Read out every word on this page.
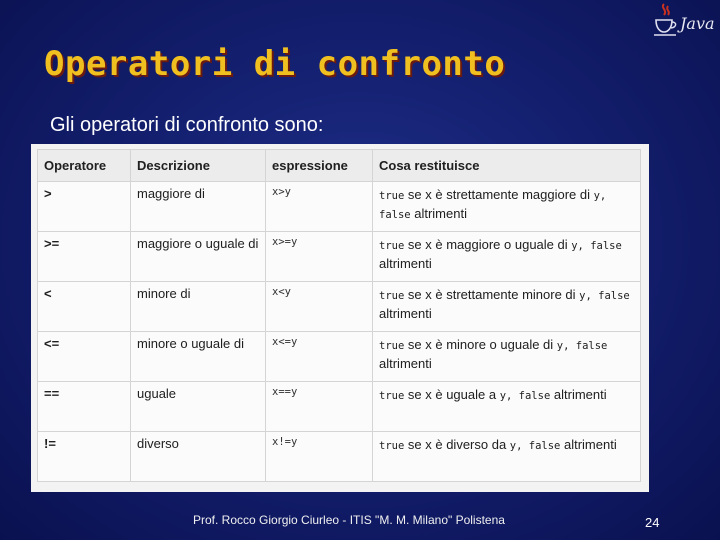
Java
Operatori di confronto
Gli operatori di confronto sono:
Operatore	Descrizione	espressione	Cosa restituisce
>	maggiore di	x>y	true se x è strettamente maggiore di y, false altrimenti
>=	maggiore o uguale di	x>=y	true se x è maggiore o uguale di y, false altrimenti
<	minore di	x<y	true se x è strettamente minore di y, false altrimenti
<=	minore o uguale di	x<=y	true se x è minore o uguale di y, false altrimenti
==	uguale	x==y	true se x è uguale a y, false altrimenti
!=	diverso	x!=y	true se x è diverso da y, false altrimenti
Prof. Rocco Giorgio Ciurleo - ITIS "M. M. Milano" Polistena	24
